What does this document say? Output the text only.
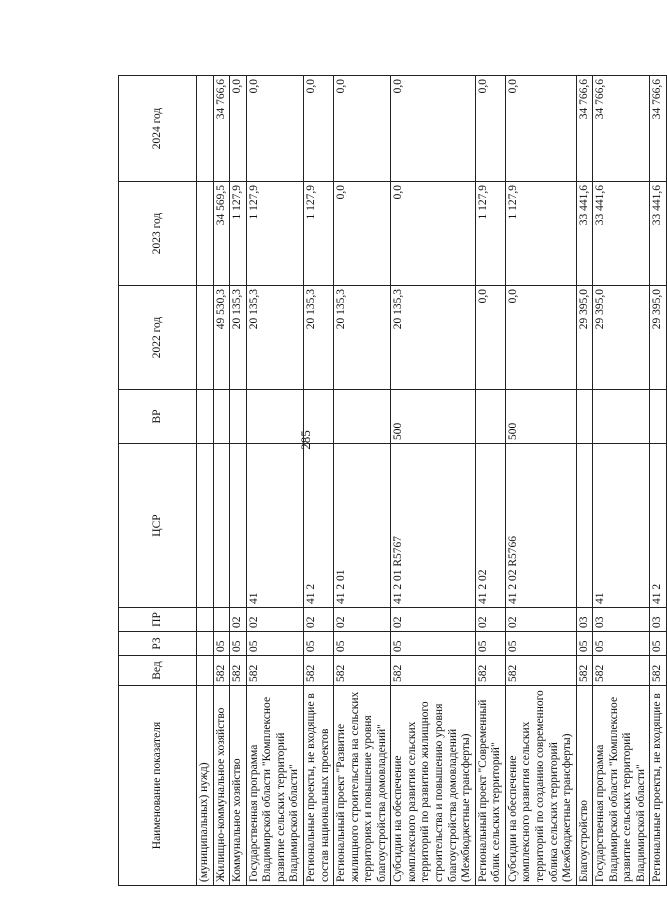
285
Наименование показателя	Вед	РЗ	ПР	ЦСР	ВР	2022 год	2023 год	2024 год
(муниципальных) нужд)								
Жилищно-коммунальное хозяйство	582	05				49 530,3	34 569,5	34 766,6
Коммунальное хозяйство	582	05	02			20 135,3	1 127,9	0,0
Государственная программа Владимирской области "Комплексное развитие сельских территорий Владимирской области"	582	05	02	41		20 135,3	1 127,9	0,0
Региональные проекты, не входящие в состав национальных проектов	582	05	02	41 2		20 135,3	1 127,9	0,0
Региональный проект "Развитие жилищного строительства на сельских территориях и повышение уровня благоустройства домовладений"	582	05	02	41 2 01		20 135,3	0,0	0,0
Субсидии на обеспечение комплексного развития сельских территорий по развитию жилищного строительства и повышению уровня благоустройства домовладений (Межбюджетные трансферты)	582	05	02	41 2 01 R5767	500	20 135,3	0,0	0,0
Региональный проект "Современный облик сельских территорий"	582	05	02	41 2 02		0,0	1 127,9	0,0
Субсидии на обеспечение комплексного развития сельских территорий по созданию современного облика сельских территорий (Межбюджетные трансферты)	582	05	02	41 2 02 R5766	500	0,0	1 127,9	0,0
Благоустройство	582	05	03			29 395,0	33 441,6	34 766,6
Государственная программа Владимирской области "Комплексное развитие сельских территорий Владимирской области"	582	05	03	41		29 395,0	33 441,6	34 766,6
Региональные проекты, не входящие в	582	05	03	41 2		29 395,0	33 441,6	34 766,6
